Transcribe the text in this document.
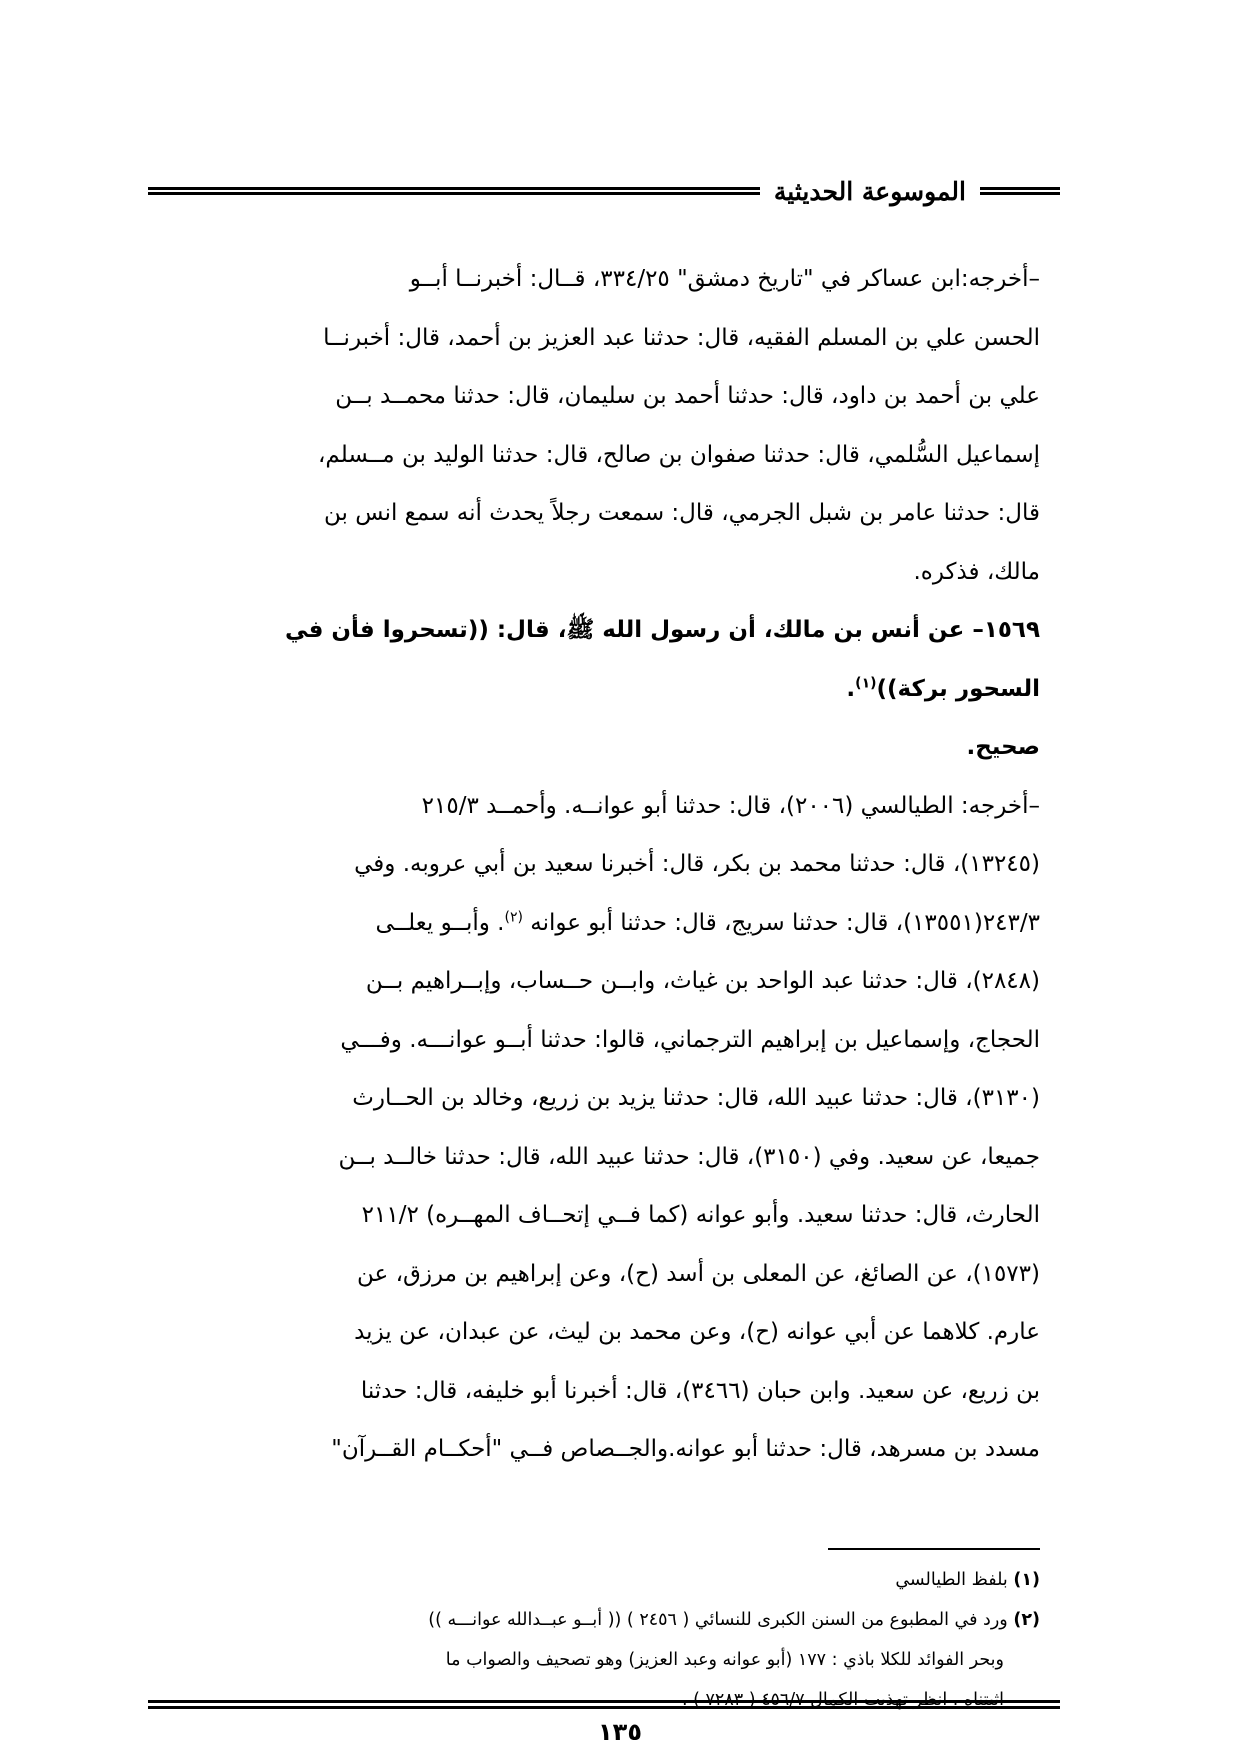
الموسوعة الحديثية
–أخرجه:ابن عساكر في "تاريخ دمشق" ٣٣٤/٢٥، قــال: أخبرنــا أبــو
الحسن علي بن المسلم الفقيه، قال: حدثنا عبد العزيز بن أحمد، قال: أخبرنــا
علي بن أحمد بن داود، قال: حدثنا أحمد بن سليمان، قال: حدثنا محمــد بــن
إسماعيل السُّلمي، قال: حدثنا صفوان بن صالح، قال: حدثنا الوليد بن مــسلم،
قال: حدثنا عامر بن شبل الجرمي، قال: سمعت رجلاً يحدث أنه سمع انس بن
مالك، فذكره.
١٥٦٩– عن أنس بن مالك، أن رسول الله ﷺ، قال: ((تسحروا فأن في
السحور بركة))$^{(١)}$.
صحيح.
–أخرجه: الطيالسي (٢٠٠٦)، قال: حدثنا أبو عوانــه. وأحمــد ٢١٥/٣
(١٣٢٤٥)، قال: حدثنا محمد بن بكر، قال: أخبرنا سعيد بن أبي عروبه. وفي
٢٤٣/٣(١٣٥٥١)، قال: حدثنا سريج، قال: حدثنا أبو عوانه $^{(٢)}$. وأبــو يعلــى
(٢٨٤٨)، قال: حدثنا عبد الواحد بن غياث، وابــن حــساب، وإبــراهيم بــن
الحجاج، وإسماعيل بن إبراهيم الترجماني، قالوا: حدثنا أبــو عوانـــه. وفـــي
(٣١٣٠)، قال: حدثنا عبيد الله، قال: حدثنا يزيد بن زريع، وخالد بن الحــارث
جميعا، عن سعيد. وفي (٣١٥٠)، قال: حدثنا عبيد الله، قال: حدثنا خالــد بــن
الحارث، قال: حدثنا سعيد. وأبو عوانه (كما فــي إتحــاف المهــره) ٢١١/٢
(١٥٧٣)، عن الصائغ، عن المعلى بن أسد (ح)، وعن إبراهيم بن مرزق، عن
عارم. كلاهما عن أبي عوانه (ح)، وعن محمد بن ليث، عن عبدان، عن يزيد
بن زريع، عن سعيد. وابن حبان (٣٤٦٦)، قال: أخبرنا أبو خليفه، قال: حدثنا
مسدد بن مسرهد، قال: حدثنا أبو عوانه.والجــصاص فــي "أحكــام القــرآن"
(١) بلفظ الطيالسي
(٢) ورد في المطبوع من السنن الكبرى للنسائي ( ٢٤٥٦ ) (( أبــو عبــدالله عوانـــه ))
وبحر الفوائد للكلا باذي : ١٧٧ (أبو عوانه وعبد العزيز) وهو تصحيف والصواب ما
اثبتناه . انظر تهذيب الكمال ٤٥٦/٧ ( ٧٢٨٣ ) .
١٣٥
